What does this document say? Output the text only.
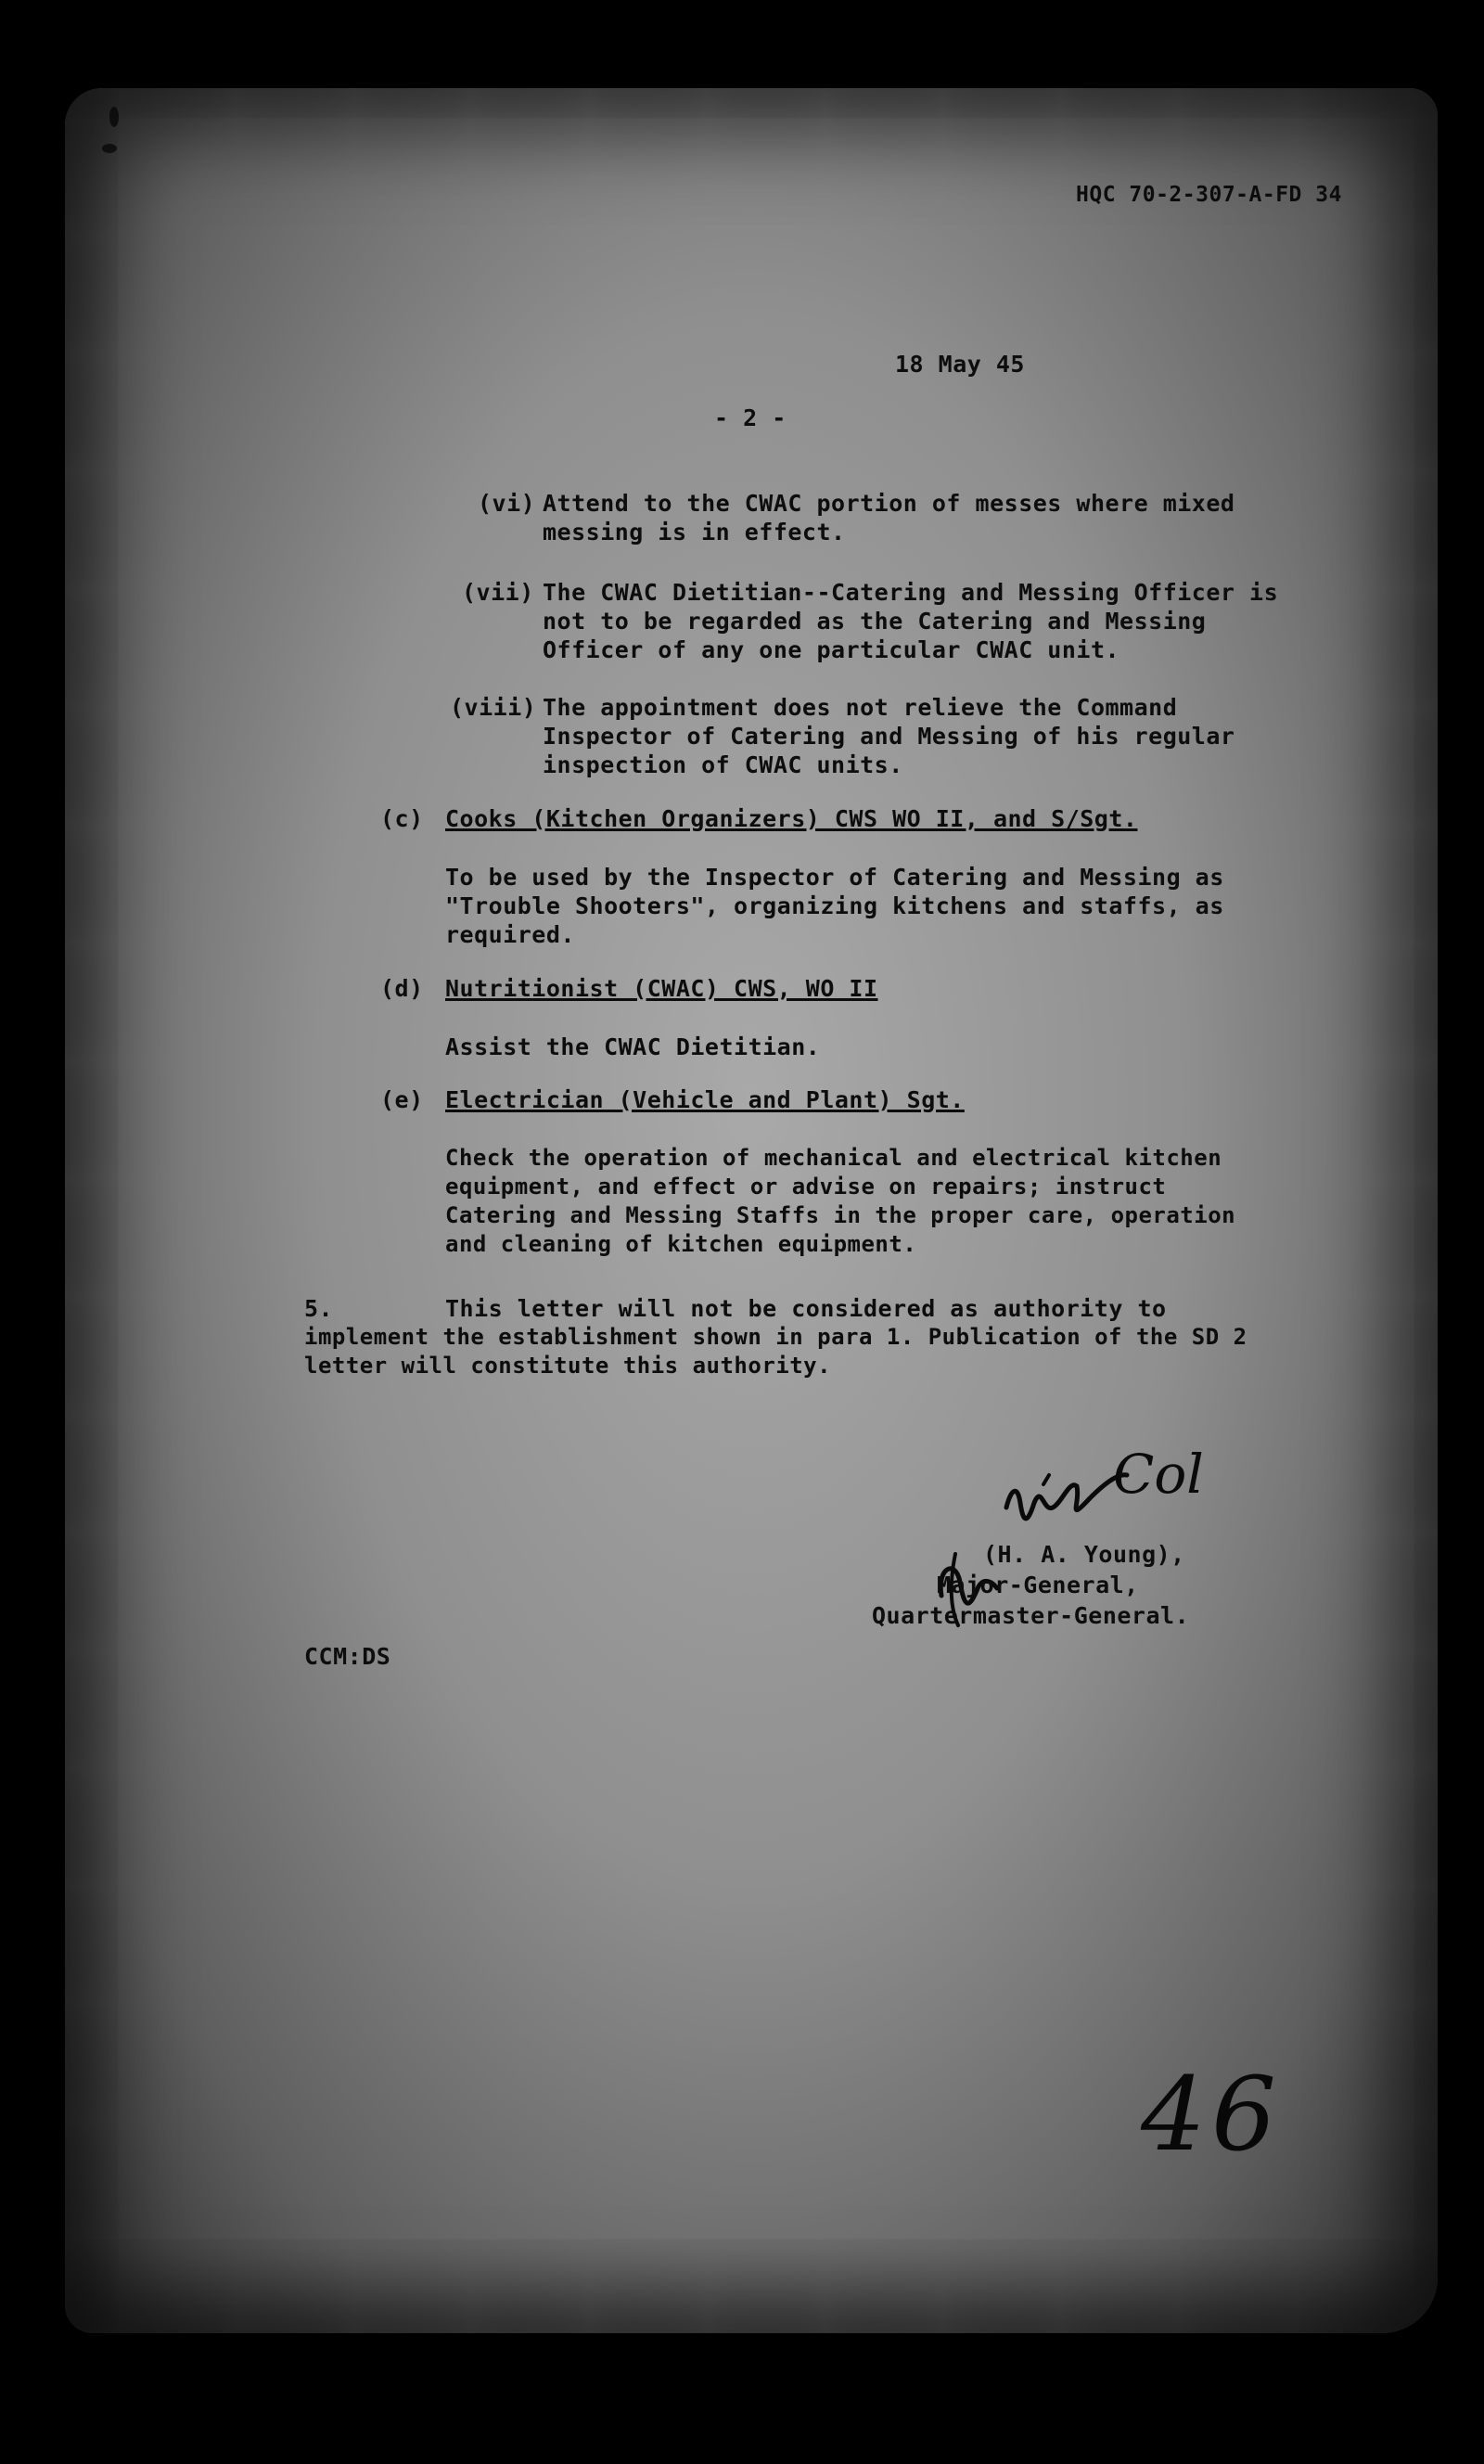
HQC 70-2-307-A-FD 34

18 May 45

- 2 -

(vi) Attend to the CWAC portion of messes where mixed
messing is in effect.

(vii) The CWAC Dietitian--Catering and Messing Officer is
not to be regarded as the Catering and Messing
Officer of any one particular CWAC unit.

(viii) The appointment does not relieve the Command
Inspector of Catering and Messing of his regular
inspection of CWAC units.

(c) Cooks (Kitchen Organizers) CWS WO II, and S/Sgt.

To be used by the Inspector of Catering and Messing as
"Trouble Shooters", organizing kitchens and staffs, as
required.

(d) Nutritionist (CWAC) CWS, WO II

Assist the CWAC Dietitian.

(e) Electrician (Vehicle and Plant) Sgt.

Check the operation of mechanical and electrical kitchen
equipment, and effect or advise on repairs; instruct
Catering and Messing Staffs in the proper care, operation
and cleaning of kitchen equipment.

5.	This letter will not be considered as authority to

implement the establishment shown in para 1. Publication of the SD 2
letter will constitute this authority.

Col

(H. A. Young),

Major-General,

Quartermaster-General.

CCM:DS

46
